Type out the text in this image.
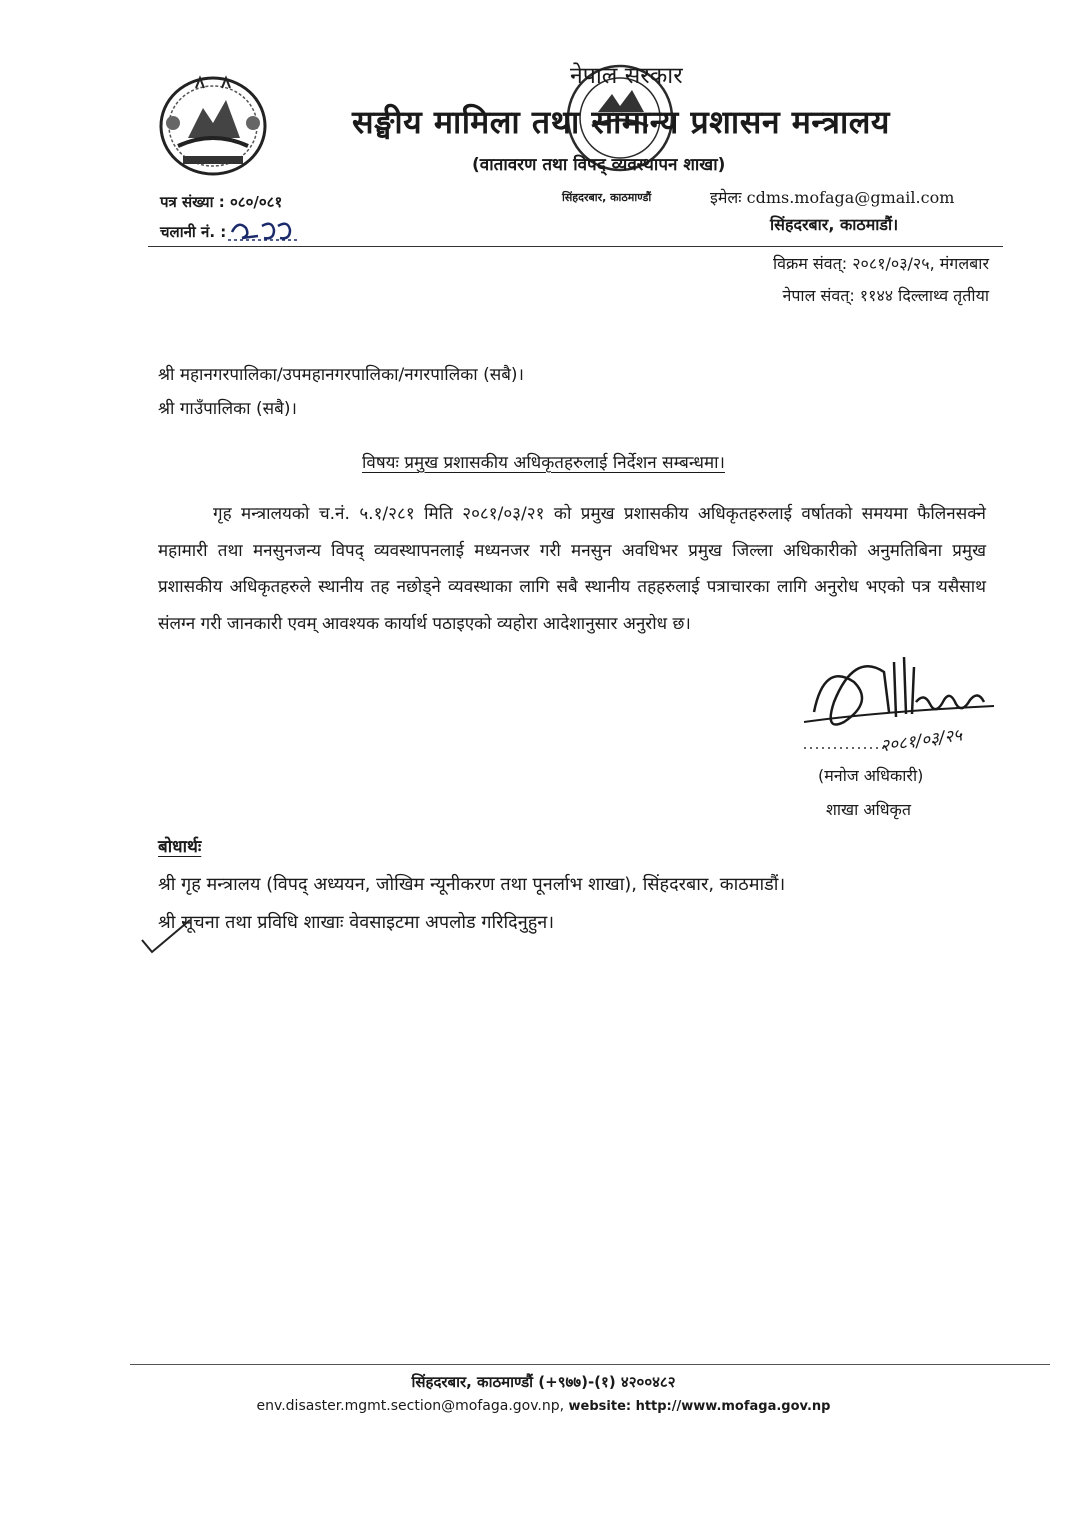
सिंहदरबार, काठमाण्डौं
नेपाल सरकार
सङ्घीय मामिला तथा सामान्य प्रशासन मन्त्रालय
(वातावरण तथा विपद् व्यवस्थापन शाखा)
इमेलः cdms.mofaga@gmail.com
सिंहदरबार, काठमाडौं।
पत्र संख्या : ०८०/०८१
चलानी नं. :
विक्रम संवत्: २०८१/०३/२५, मंगलबार
नेपाल संवत्: ११४४ दिल्लाथ्व तृतीया
श्री महानगरपालिका/उपमहानगरपालिका/नगरपालिका (सबै)।
श्री गाउँपालिका (सबै)।
विषयः प्रमुख प्रशासकीय अधिकृतहरुलाई निर्देशन सम्बन्धमा।
गृह मन्त्रालयको च.नं. ५.१/२८१ मिति २०८१/०३/२१ को प्रमुख प्रशासकीय अधिकृतहरुलाई वर्षातको समयमा फैलिनसक्ने महामारी तथा मनसुनजन्य विपद् व्यवस्थापनलाई मध्यनजर गरी मनसुन अवधिभर प्रमुख जिल्ला अधिकारीको अनुमतिबिना प्रमुख प्रशासकीय अधिकृतहरुले स्थानीय तह नछोड्ने व्यवस्थाका लागि सबै स्थानीय तहहरुलाई पत्राचारका लागि अनुरोध भएको पत्र यसैसाथ संलग्न गरी जानकारी एवम् आवश्यक कार्यार्थ पठाइएको व्यहोरा आदेशानुसार अनुरोध छ।
२०८१/०३/२५
(मनोज अधिकारी)
शाखा अधिकृत
बोधार्थः
श्री गृह मन्त्रालय (विपद् अध्ययन, जोखिम न्यूनीकरण तथा पूनर्लाभ शाखा), सिंहदरबार, काठमाडौं।
श्री सूचना तथा प्रविधि शाखाः वेवसाइटमा अपलोड गरिदिनुहुन।
सिंहदरबार, काठमाण्डौं (+९७७)-(१) ४२००४८२
env.disaster.mgmt.section@mofaga.gov.np, website: http://www.mofaga.gov.np
